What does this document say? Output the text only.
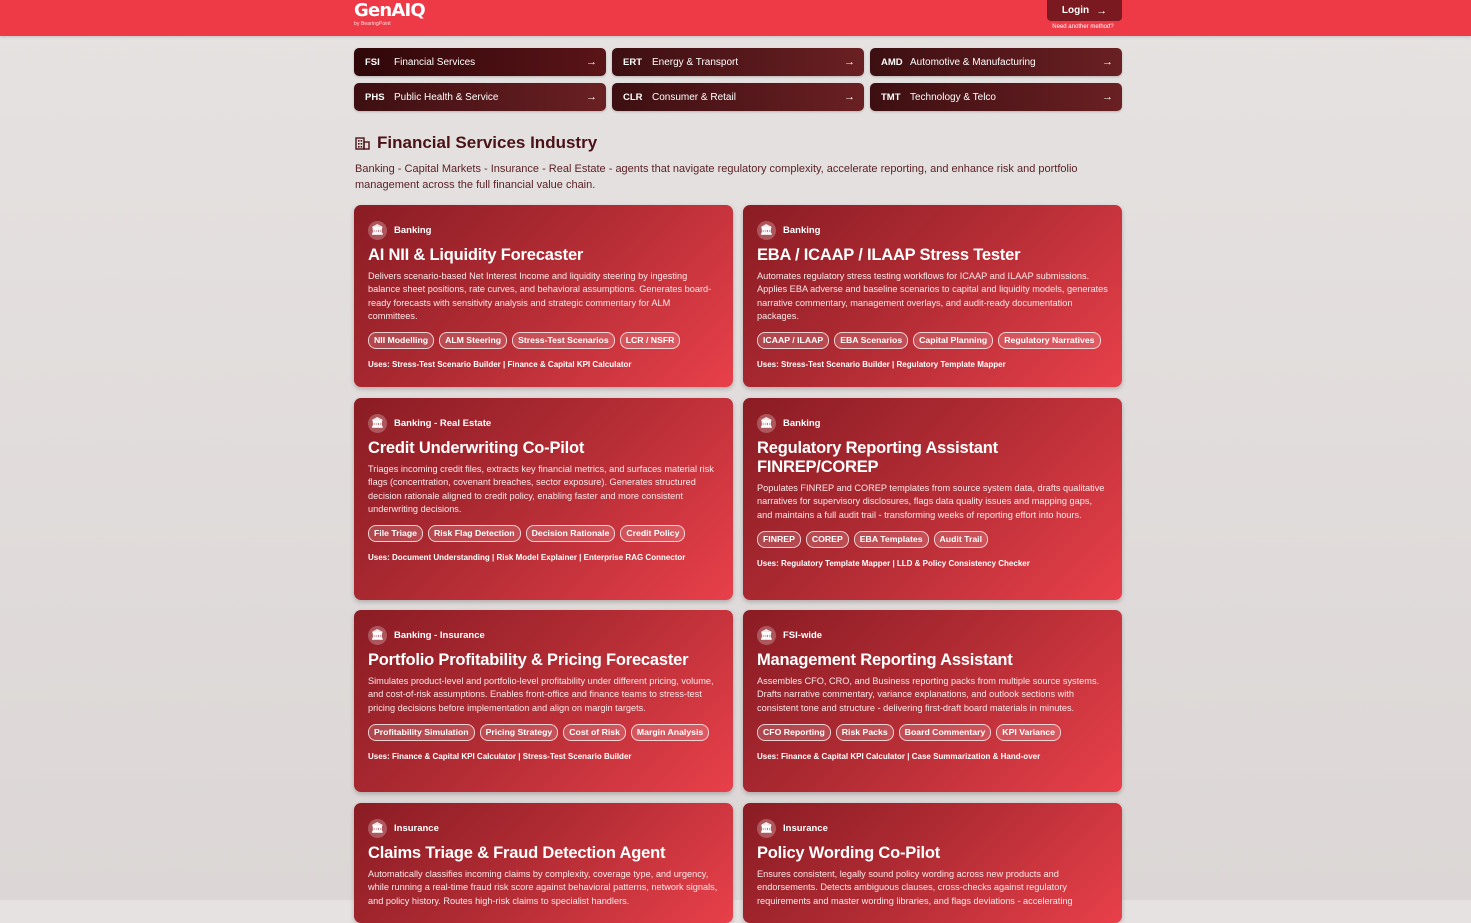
GenAIQ
by BearingPoint
Login →
Need another method?
FSI	Financial Services	→	ERT	Energy & Transport	→	AMD Automotive & Manufacturing	→
PHS Public Health & Service	→	CLR Consumer & Retail	→	TMT Technology & Telco	→
Financial Services Industry
Banking - Capital Markets - Insurance - Real Estate - agents that navigate regulatory complexity, accelerate reporting, and enhance risk and portfolio management across the full financial value chain.
🏛	Banking
AI NII & Liquidity Forecaster
Delivers scenario-based Net Interest Income and liquidity steering by ingesting balance sheet positions, rate curves, and behavioral assumptions. Generates board-ready forecasts with sensitivity analysis and strategic commentary for ALM committees.
NII Modelling	ALM Steering	Stress-Test Scenarios	LCR / NSFR
Uses: Stress-Test Scenario Builder | Finance & Capital KPI Calculator
🏛	Banking
EBA / ICAAP / ILAAP Stress Tester
Automates regulatory stress testing workflows for ICAAP and ILAAP submissions. Applies EBA adverse and baseline scenarios to capital and liquidity models, generates narrative commentary, management overlays, and audit-ready documentation packages.
ICAAP / ILAAP	EBA Scenarios	Capital Planning	Regulatory Narratives
Uses: Stress-Test Scenario Builder | Regulatory Template Mapper
🏛	Banking - Real Estate
Credit Underwriting Co-Pilot
Triages incoming credit files, extracts key financial metrics, and surfaces material risk flags (concentration, covenant breaches, sector exposure). Generates structured decision rationale aligned to credit policy, enabling faster and more consistent underwriting decisions.
File Triage	Risk Flag Detection	Decision Rationale	Credit Policy
Uses: Document Understanding | Risk Model Explainer | Enterprise RAG Connector
🏛	Banking
Regulatory Reporting Assistant FINREP/COREP
Populates FINREP and COREP templates from source system data, drafts qualitative narratives for supervisory disclosures, flags data quality issues and mapping gaps, and maintains a full audit trail - transforming weeks of reporting effort into hours.
FINREP	COREP	EBA Templates	Audit Trail
Uses: Regulatory Template Mapper | LLD & Policy Consistency Checker
🏛	Banking - Insurance
Portfolio Profitability & Pricing Forecaster
Simulates product-level and portfolio-level profitability under different pricing, volume, and cost-of-risk assumptions. Enables front-office and finance teams to stress-test pricing decisions before implementation and align on margin targets.
Profitability Simulation	Pricing Strategy	Cost of Risk	Margin Analysis
Uses: Finance & Capital KPI Calculator | Stress-Test Scenario Builder
🏛	FSI-wide
Management Reporting Assistant
Assembles CFO, CRO, and Business reporting packs from multiple source systems. Drafts narrative commentary, variance explanations, and outlook sections with consistent tone and structure - delivering first-draft board materials in minutes.
CFO Reporting	Risk Packs	Board Commentary	KPI Variance
Uses: Finance & Capital KPI Calculator | Case Summarization & Hand-over
🏛	Insurance
Claims Triage & Fraud Detection Agent
Automatically classifies incoming claims by complexity, coverage type, and urgency, while running a real-time fraud risk score against behavioral patterns, network signals, and policy history. Routes high-risk claims to specialist handlers.
🏛	Insurance
Policy Wording Co-Pilot
Ensures consistent, legally sound policy wording across new products and endorsements. Detects ambiguous clauses, cross-checks against regulatory requirements and master wording libraries, and flags deviations - accelerating
